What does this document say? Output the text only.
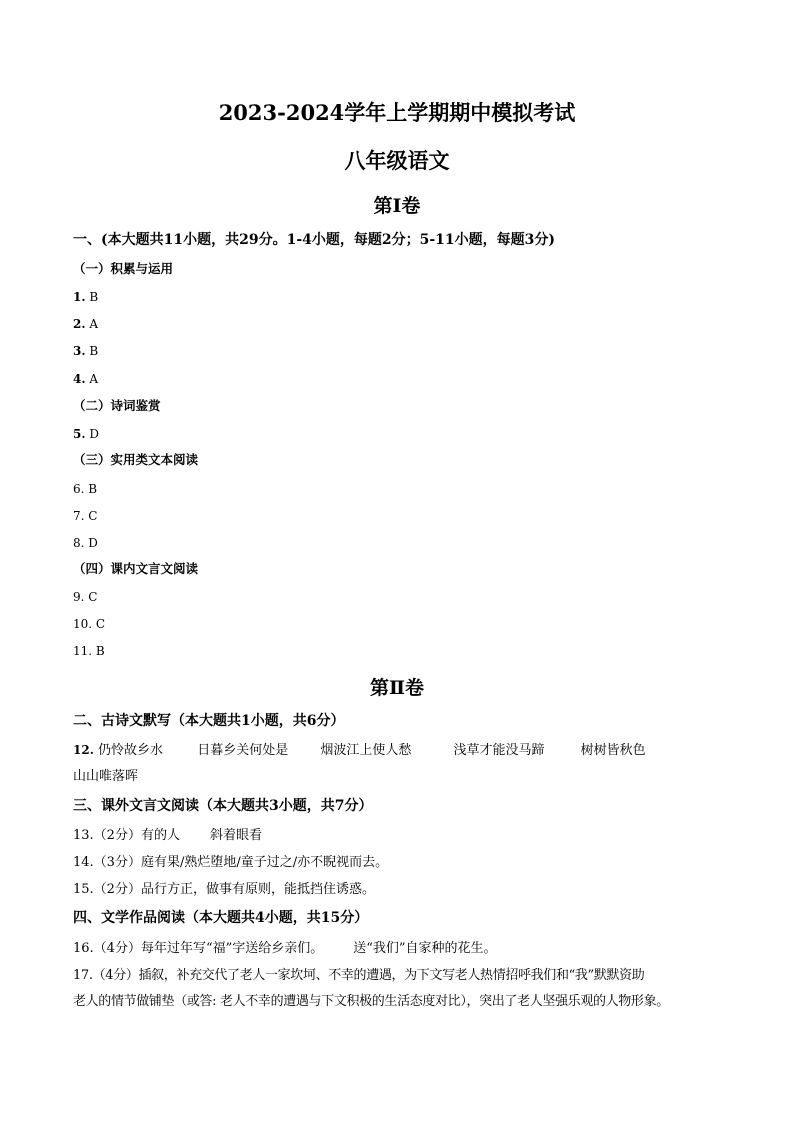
2023-2024学年上学期期中模拟考试
八年级语文
第Ⅰ卷
一、(本大题共11小题，共29分。1-4小题，每题2分；5-11小题，每题3分)
（一）积累与运用
1. B
2. A
3. B
4. A
（二）诗词鉴赏
5. D
（三）实用类文本阅读
6. B
7. C
8. D
（四）课内文言文阅读
9. C
10. C
11. B
第Ⅱ卷
二、古诗文默写（本大题共1小题，共6分）
12. 仍怜故乡水	日暮乡关何处是 烟波江上使人愁	浅草才能没马蹄	树树皆秋色
山山唯落晖
三、课外文言文阅读（本大题共3小题，共7分）
13.（2分）有的人 斜着眼看
14.（3分）庭有果/熟烂堕地/童子过之/亦不睨视而去。
15.（2分）品行方正，做事有原则，能抵挡住诱惑。
四、文学作品阅读（本大题共4小题，共15分）
16.（4分）每年过年写“福”字送给乡亲们。 送“我们”自家种的花生。
17.（4分）插叙，补充交代了老人一家坎坷、不幸的遭遇，为下文写老人热情招呼我们和“我”默默资助
老人的情节做铺垫（或答: 老人不幸的遭遇与下文积极的生活态度对比），突出了老人坚强乐观的人物形象。
